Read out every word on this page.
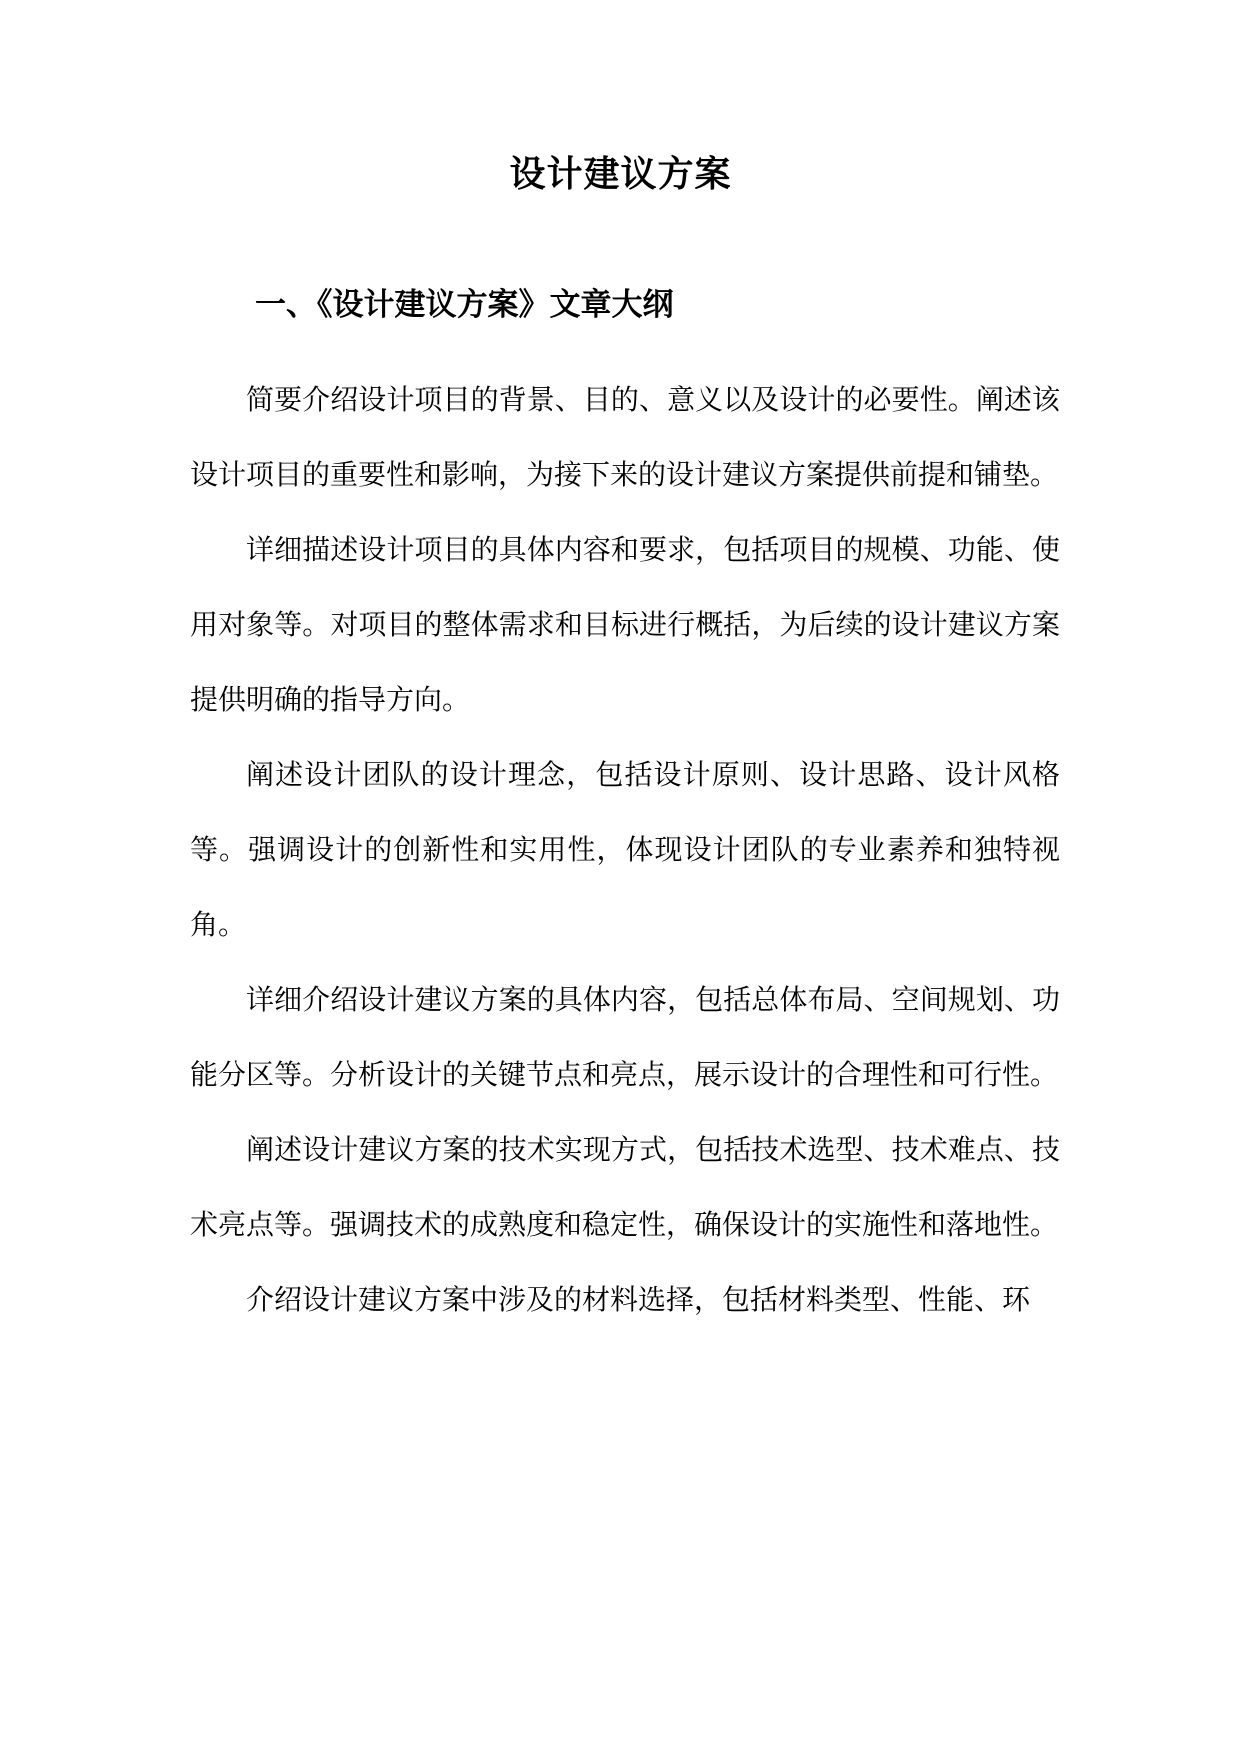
设计建议方案
一、《设计建议方案》文章大纲

简要介绍设计项目的背景、目的、意义以及设计的必要性。阐述该设计项目的重要性和影响，为接下来的设计建议方案提供前提和铺垫。

详细描述设计项目的具体内容和要求，包括项目的规模、功能、使用对象等。对项目的整体需求和目标进行概括，为后续的设计建议方案提供明确的指导方向。

阐述设计团队的设计理念，包括设计原则、设计思路、设计风格等。强调设计的创新性和实用性，体现设计团队的专业素养和独特视角。

详细介绍设计建议方案的具体内容，包括总体布局、空间规划、功能分区等。分析设计的关键节点和亮点，展示设计的合理性和可行性。

阐述设计建议方案的技术实现方式，包括技术选型、技术难点、技术亮点等。强调技术的成熟度和稳定性，确保设计的实施性和落地性。

介绍设计建议方案中涉及的材料选择，包括材料类型、性能、环
